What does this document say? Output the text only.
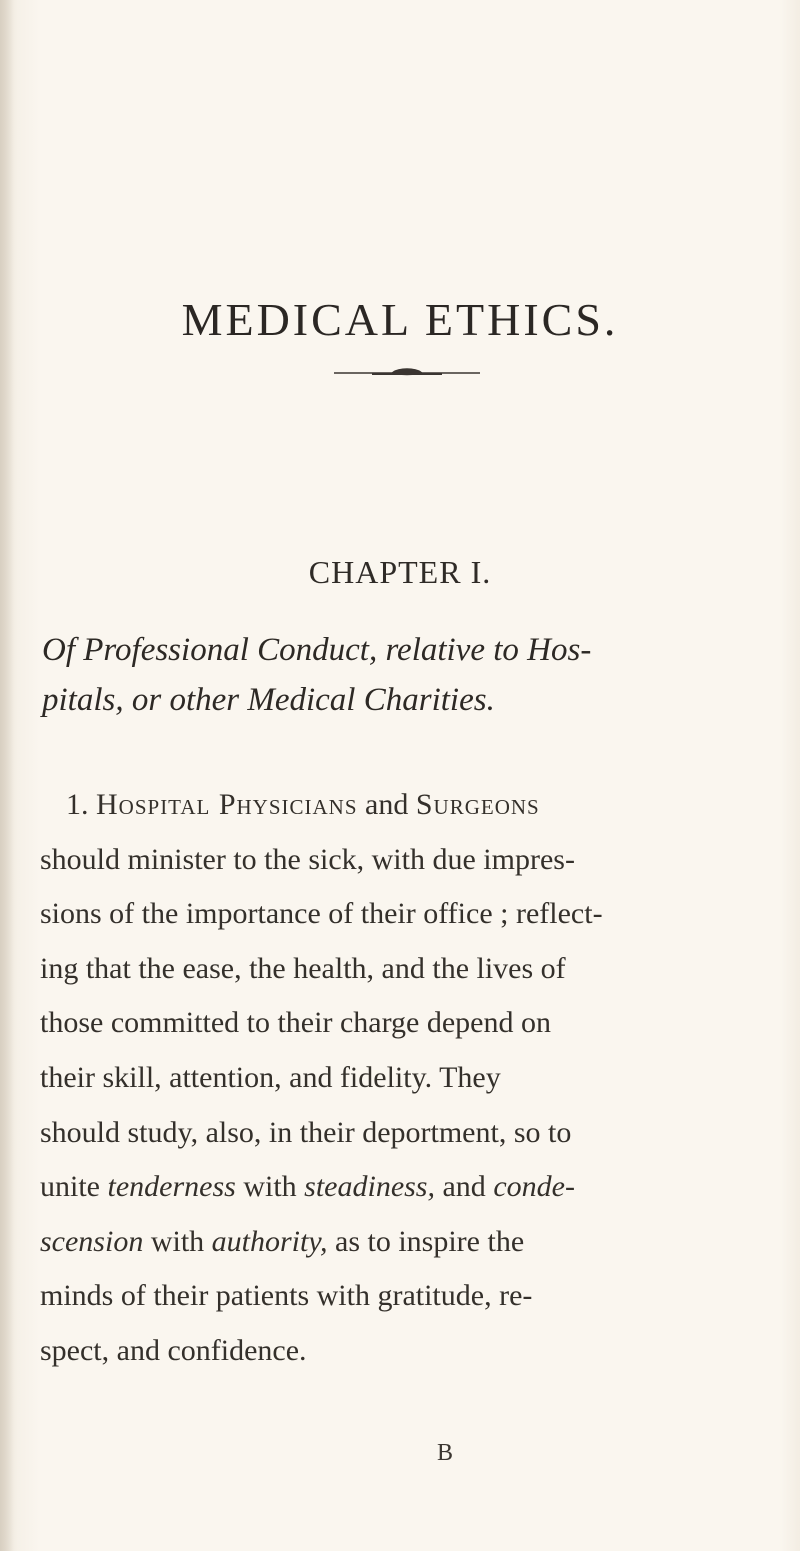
MEDICAL ETHICS.
CHAPTER I.
Of Professional Conduct, relative to Hos-
pitals, or other Medical Charities.
1. Hospital Physicians and Surgeons
should minister to the sick, with due impres-
sions of the importance of their office ; reflect-
ing that the ease, the health, and the lives of
those committed to their charge depend on
their skill, attention, and fidelity. They
should study, also, in their deportment, so to
unite tenderness with steadiness, and conde-
scension with authority, as to inspire the
minds of their patients with gratitude, re-
spect, and confidence.
B
